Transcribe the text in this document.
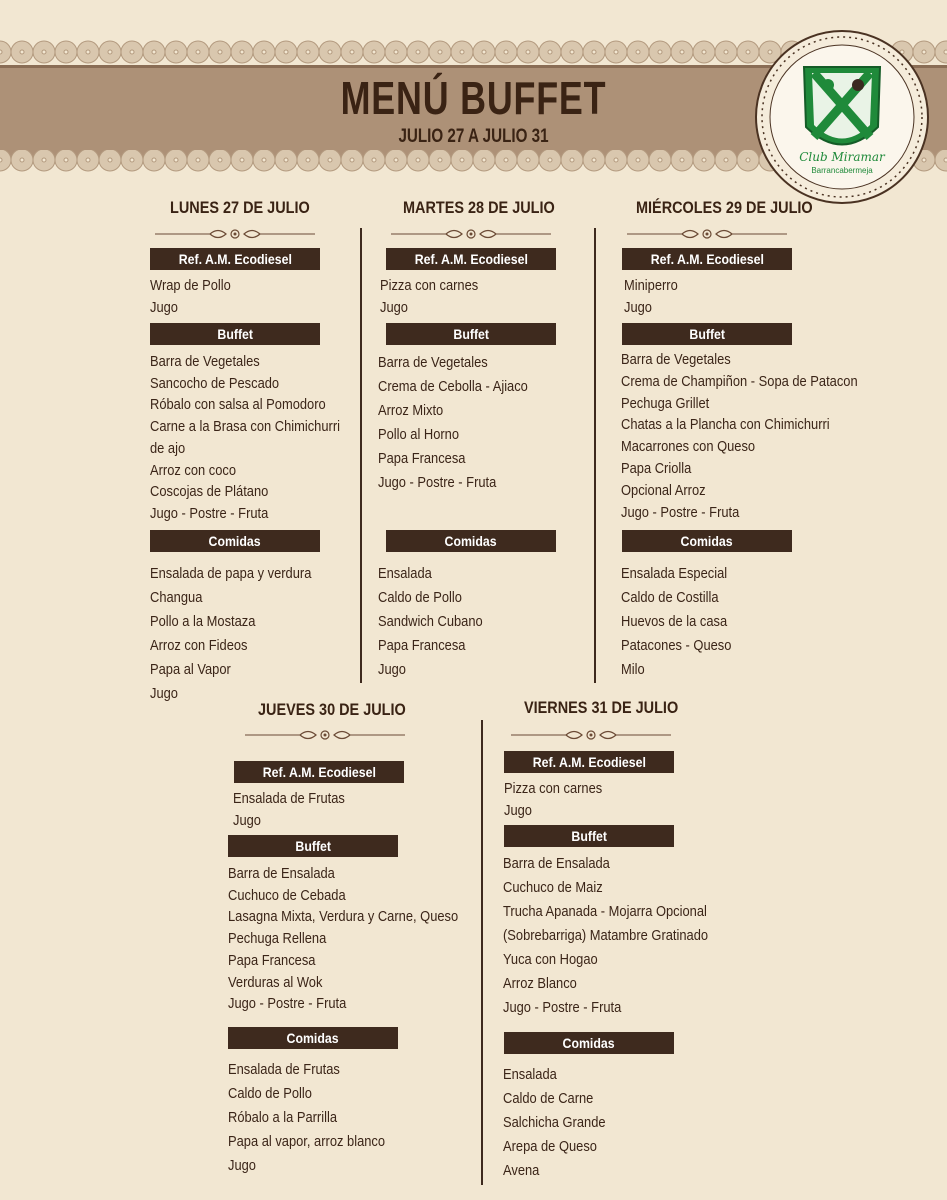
MENÚ BUFFET
JULIO 27 A JULIO 31
Club Miramar
Barrancabermeja
LUNES 27 DE JULIO
Ref. A.M. Ecodiesel
Wrap de Pollo
Jugo
Buffet
Barra de Vegetales
Sancocho de Pescado
Róbalo con salsa al Pomodoro
Carne a la Brasa con Chimichurri
de ajo
Arroz con coco
Coscojas de Plátano
Jugo - Postre - Fruta
Comidas
Ensalada de papa y verdura
Changua
Pollo a la Mostaza
Arroz con Fideos
Papa al Vapor
Jugo
MARTES 28 DE JULIO
Ref. A.M. Ecodiesel
Pizza con carnes
Jugo
Buffet
Barra de Vegetales
Crema de Cebolla - Ajiaco
Arroz Mixto
Pollo al Horno
Papa Francesa
Jugo - Postre - Fruta
Comidas
Ensalada
Caldo de Pollo
Sandwich Cubano
Papa Francesa
Jugo
MIÉRCOLES 29 DE JULIO
Ref. A.M. Ecodiesel
Miniperro
Jugo
Buffet
Barra de Vegetales
Crema de Champiñon - Sopa de Patacon
Pechuga Grillet
Chatas a la Plancha con Chimichurri
Macarrones con Queso
Papa Criolla
Opcional Arroz
Jugo - Postre - Fruta
Comidas
Ensalada Especial
Caldo de Costilla
Huevos de la casa
Patacones - Queso
Milo
JUEVES 30 DE JULIO
Ref. A.M. Ecodiesel
Ensalada de Frutas
Jugo
Buffet
Barra de Ensalada
Cuchuco de Cebada
Lasagna Mixta, Verdura y Carne, Queso
Pechuga Rellena
Papa Francesa
Verduras al Wok
Jugo - Postre - Fruta
Comidas
Ensalada de Frutas
Caldo de Pollo
Róbalo a la Parrilla
Papa al vapor, arroz blanco
Jugo
VIERNES 31 DE JULIO
Ref. A.M. Ecodiesel
Pizza con carnes
Jugo
Buffet
Barra de Ensalada
Cuchuco de Maiz
Trucha Apanada - Mojarra Opcional
(Sobrebarriga) Matambre Gratinado
Yuca con Hogao
Arroz Blanco
Jugo - Postre - Fruta
Comidas
Ensalada
Caldo de Carne
Salchicha Grande
Arepa de Queso
Avena
